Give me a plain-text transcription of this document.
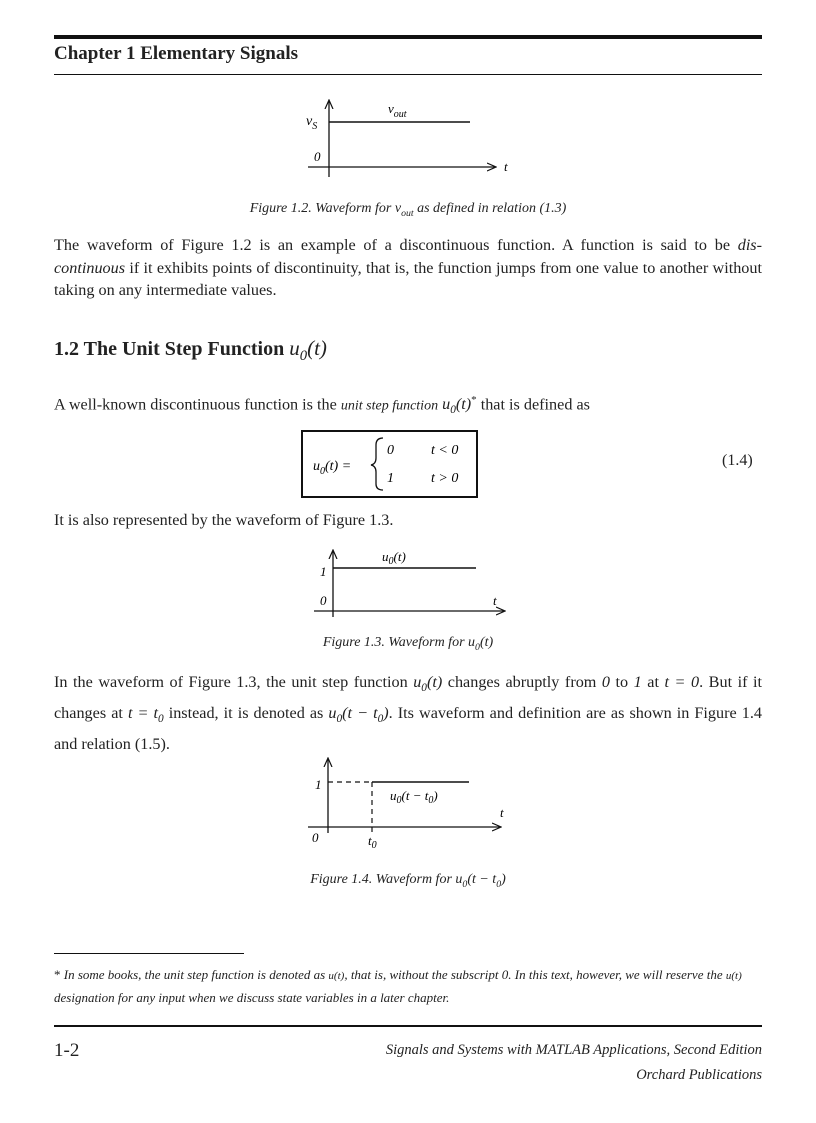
Chapter 1 Elementary Signals
$v_S$
$v_{out}$
0
t
Figure 1.2. Waveform for $v_{out}$ as defined in relation (1.3)
The waveform of Figure 1.2 is an example of a discontinuous function. A function is said to be dis-continuous if it exhibits points of discontinuity, that is, the function jumps from one value to another without taking on any intermediate values.
1.2 The Unit Step Function $u_0(t)$
A well-known discontinuous function is the unit step function $u_0(t)^*$ that is defined as
$u_0(t)$ =
0	t < 0
1	t > 0
(1.4)
It is also represented by the waveform of Figure 1.3.
1
0	t
$u_0(t)$
Figure 1.3. Waveform for $u_0(t)$
In the waveform of Figure 1.3, the unit step function $u_0(t)$ changes abruptly from 0 to 1 at t = 0. But if it changes at $t = t_0$ instead, it is denoted as $u_0(t - t_0)$. Its waveform and definition are as shown in Figure 1.4 and relation (1.5).
1
0
t
$t_0$
$u_0(t - t_0)$
Figure 1.4. Waveform for $u_0(t - t_0)$
* In some books, the unit step function is denoted as u(t), that is, without the subscript 0. In this text, however, we will reserve the u(t) designation for any input when we discuss state variables in a later chapter.
1-2	Signals and Systems with MATLAB Applications, Second Edition
Orchard Publications
